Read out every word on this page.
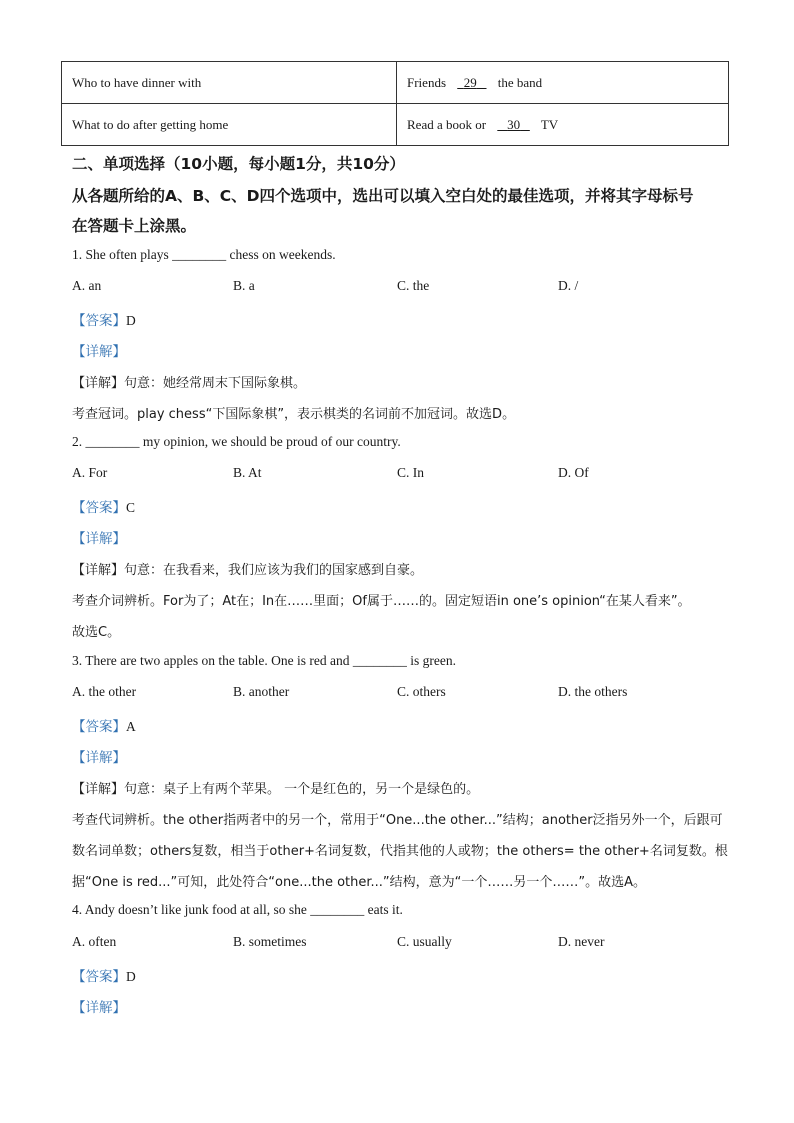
Who to have dinner with	Friends 29 the band
What to do after getting home	Read a book or 30 TV
二、单项选择（10小题，每小题1分，共10分）
从各题所给的A、B、C、D四个选项中，选出可以填入空白处的最佳选项，并将其字母标号
在答题卡上涂黑。
1. She often plays ________ chess on weekends.
A. an	B. a	C. the	D. /
【答案】D
【详解】
【详解】句意：她经常周末下国际象棋。
考查冠词。play chess“下国际象棋”，表示棋类的名词前不加冠词。故选D。
2. ________ my opinion, we should be proud of our country.
A. For	B. At	C. In	D. Of
【答案】C
【详解】
【详解】句意：在我看来，我们应该为我们的国家感到自豪。
考查介词辨析。For为了；At在；In在……里面；Of属于……的。固定短语in one’s opinion“在某人看来”。
故选C。
3. There are two apples on the table. One is red and ________ is green.
A. the other	B. another	C. others	D. the others
【答案】A
【详解】
【详解】句意：桌子上有两个苹果。 一个是红色的，另一个是绿色的。
考查代词辨析。the other指两者中的另一个，常用于“One...the other...”结构；another泛指另外一个，后跟可
数名词单数；others复数，相当于other+名词复数，代指其他的人或物；the others= the other+名词复数。根
据“One is red...”可知，此处符合“one...the other...”结构，意为“一个……另一个……”。故选A。
4. Andy doesn’t like junk food at all, so she ________ eats it.
A. often	B. sometimes	C. usually	D. never
【答案】D
【详解】
